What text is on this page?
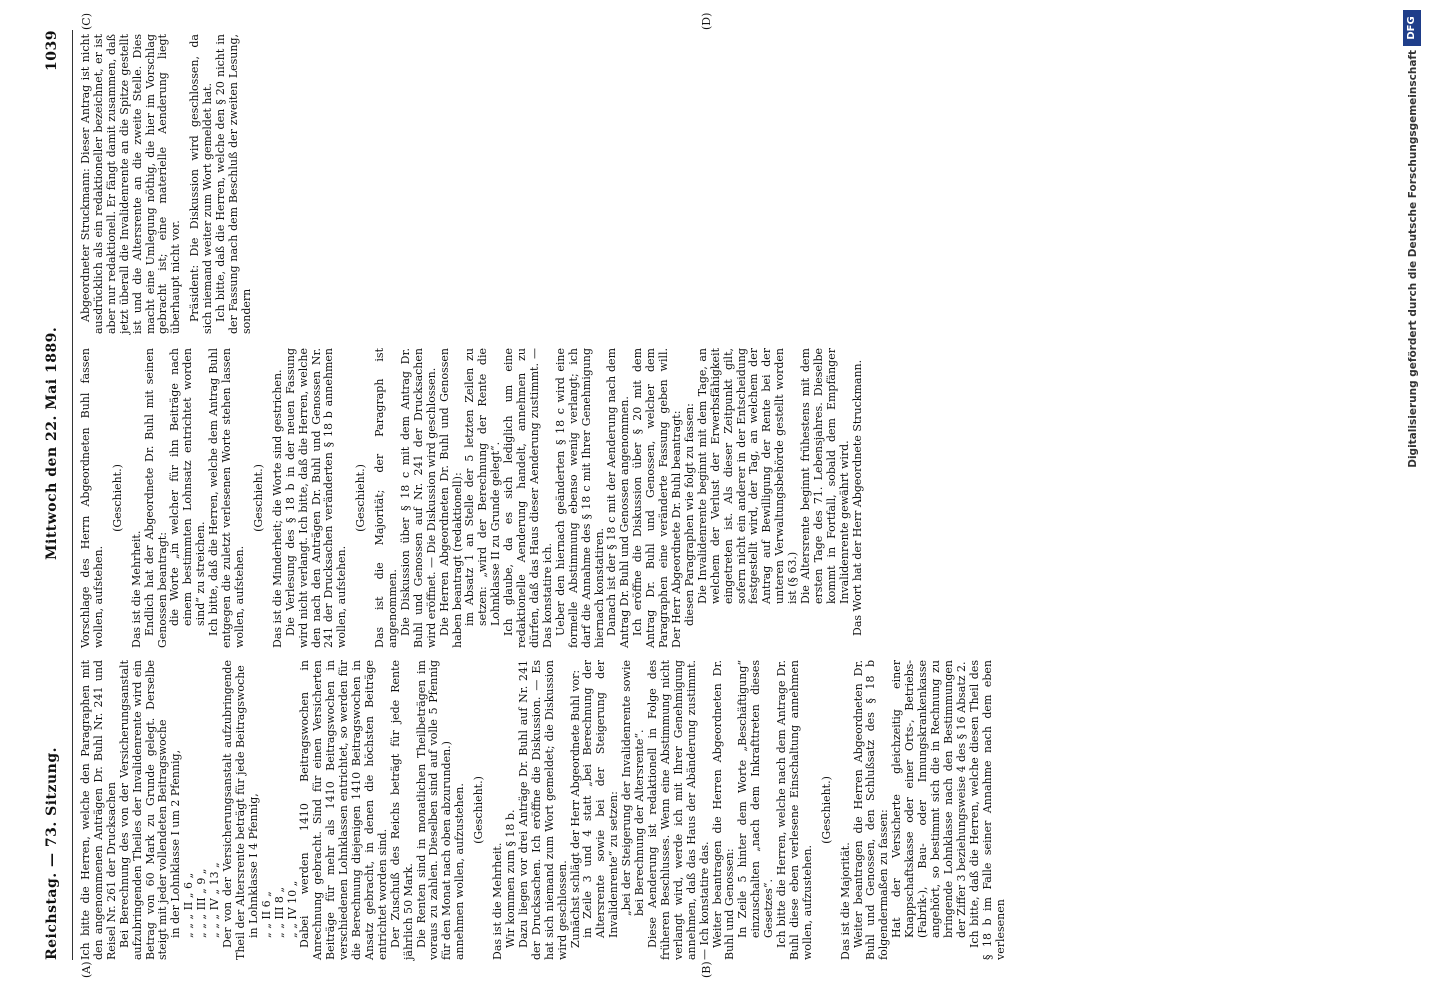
Reichstag. — 73. Sitzung.
Mittwoch den 22. Mai 1889.
1039
(A)	(B)
(C)	(D)

Ich bitte die Herren, welche den Paragraphen mit den angenommenen Anträgen Dr. Buhl Nr. 241 und Reisel Nr. 261 der Drucksachen Bei Berechnung des von der Versicherungsanstalt aufzubringenden Theiles der Invalidenrente wird ein Betrag von 60 Mark zu Grunde gelegt. Derselbe steigt mit jeder vollendeten Beitragswoche in der Lohnklasse I um 2 Pfennig, „ „ „ II „ 6 „ „ „ „ III „ 9 „ „ „ „ IV „ 13 „ Der von der Versicherungsanstalt aufzubringende Theil der Altersrente beträgt für jede Beitragswoche in Lohnklasse I 4 Pfennig, „ „ II 6 „ „ „ III 8 „ „ „ IV 10 „ Dabei werden 1410 Beitragswochen in Anrechnung gebracht. Sind für einen Versicherten Beiträge für mehr als 1410 Beitragswochen in verschiedenen Lohnklassen entrichtet, so werden für die Berechnung diejenigen 1410 Beitragswochen in Ansatz gebracht, in denen die höchsten Beiträge entrichtet worden sind. Der Zuschuß des Reichs beträgt für jede Rente jährlich 50 Mark. Die Renten sind in monatlichen Theilbeträgen im voraus zu zahlen. Dieselben sind auf volle 5 Pfennig für den Monat nach oben abzurunden.) annehmen wollen, aufzustehen. (Geschieht.)

Das ist die Mehrheit. Wir kommen zum § 18 b. Dazu liegen vor drei Anträge Dr. Buhl auf Nr. 241 der Drucksachen. Ich eröffne die Diskussion. — Es hat sich niemand zum Wort gemeldet; die Diskussion wird geschlossen. Zunächst schlägt der Herr Abgeordnete Buhl vor: in Zeile 3 und 4 statt „bei Berechnung der Altersrente sowie bei der Steigerung der Invalidenrente“ zu setzen: „bei der Steigerung der Invalidenrente sowie bei Berechnung der Altersrente“. Diese Aenderung ist redaktionell in Folge des früheren Beschlusses. Wenn eine Abstimmung nicht verlangt wird, werde ich mit Ihrer Genehmigung annehmen, daß das Haus der Abänderung zustimmt. — Ich konstatire das. Weiter beantragen die Herren Abgeordneten Dr. Buhl und Genossen: In Zeile 5 hinter dem Worte „Beschäftigung“ einzuschalten „nach dem Inkrafttreten dieses Gesetzes“. Ich bitte die Herren, welche nach dem Antrage Dr. Buhl diese eben verlesene Einschaltung annehmen wollen, aufzustehen.

(Geschieht.)

Das ist die Majorität. Weiter beantragen die Herren Abgeordneten Dr. Buhl und Genossen, den Schlußsatz des § 18 b folgendermaßen zu fassen: Hat der Versicherte gleichzeitig einer Knappschaftskasse oder einer Orts-, Betriebs- (Fabrik-), Bau- oder Innungskrankenkasse angehört, so bestimmt sich die in Rechnung zu bringende Lohnklasse nach den Bestimmungen der Ziffer 3 beziehungsweise 4 des § 16 Absatz 2. Ich bitte, daß die Herren, welche diesen Theil des § 18 b im Falle seiner Annahme nach dem eben verlesenen

Vorschlage des Herrn Abgeordneten Buhl fassen wollen, aufstehen.

(Geschieht.)

Das ist die Mehrheit. Endlich hat der Abgeordnete Dr. Buhl mit seinen Genossen beantragt: die Worte „in welcher für ihn Beiträge nach einem bestimmten Lohnsatz entrichtet worden sind“ zu streichen. Ich bitte, daß die Herren, welche dem Antrag Buhl entgegen die zuletzt verlesenen Worte stehen lassen wollen, aufstehen.

(Geschieht.) Das ist die Minderheit; die Worte sind gestrichen. Die Verlesung des § 18 b in der neuen Fassung wird nicht verlangt. Ich bitte, daß die Herren, welche den nach den Anträgen Dr. Buhl und Genossen Nr. 241 der Drucksachen veränderten § 18 b annehmen wollen, aufstehen.

(Geschieht.) Das ist die Majorität; der Paragraph ist angenommen. Die Diskussion über § 18 c mit dem Antrag Dr. Buhl und Genossen auf Nr. 241 der Drucksachen wird eröffnet. — Die Diskussion wird geschlossen. Die Herren Abgeordneten Dr. Buhl und Genossen haben beantragt (redaktionell): im Absatz 1 an Stelle der 5 letzten Zeilen zu setzen: „wird der Berechnung der Rente die Lohnklasse II zu Grunde gelegt“. Ich glaube, da es sich lediglich um eine redaktionelle Aenderung handelt, annehmen zu dürfen, daß das Haus dieser Aenderung zustimmt. — Das konstatire ich. Ueber den hiernach geänderten § 18 c wird eine formelle Abstimmung ebenso wenig verlangt; ich darf die Annahme des § 18 c mit Ihrer Genehmigung hiernach konstatiren. Danach ist der § 18 c mit der Aenderung nach dem Antrag Dr. Buhl und Genossen angenommen. Ich eröffne die Diskussion über § 20 mit dem Antrag Dr. Buhl und Genossen, welcher dem Paragraphen eine veränderte Fassung geben will. Der Herr Abgeordnete Dr. Buhl beantragt: diesen Paragraphen wie folgt zu fassen: Die Invalidenrente beginnt mit dem Tage, an welchem der Verlust der Erwerbsfähigkeit eingetreten ist. Als dieser Zeitpunkt gilt, sofern nicht ein anderer in der Entscheidung festgestellt wird, der Tag, an welchem der Antrag auf Bewilligung der Rente bei der unteren Verwaltungsbehörde gestellt worden ist (§ 63.) Die Altersrente beginnt frühestens mit dem ersten Tage des 71. Lebensjahres. Dieselbe kommt in Fortfall, sobald dem Empfänger Invalidenrente gewährt wird. Das Wort hat der Herr Abgeordnete Struckmann.

Abgeordneter Struckmann: Dieser Antrag ist nicht ausdrücklich als ein redaktioneller bezeichnet, er ist aber nur redaktionell. Er fängt damit zusammen, daß jetzt überall die Invalidenrente an die Spitze gestellt ist und die Altersrente an die zweite Stelle. Dies macht eine Umlegung nöthig, die hier im Vorschlag gebracht ist; eine materielle Aenderung liegt überhaupt nicht vor. Präsident: Die Diskussion wird geschlossen, da sich niemand weiter zum Wort gemeldet hat. Ich bitte, daß die Herren, welche den § 20 nicht in der Fassung nach dem Beschluß der zweiten Lesung, sondern	Digitalisierung gefördert durch die Deutsche Forschungsgemeinschaft
DFG
